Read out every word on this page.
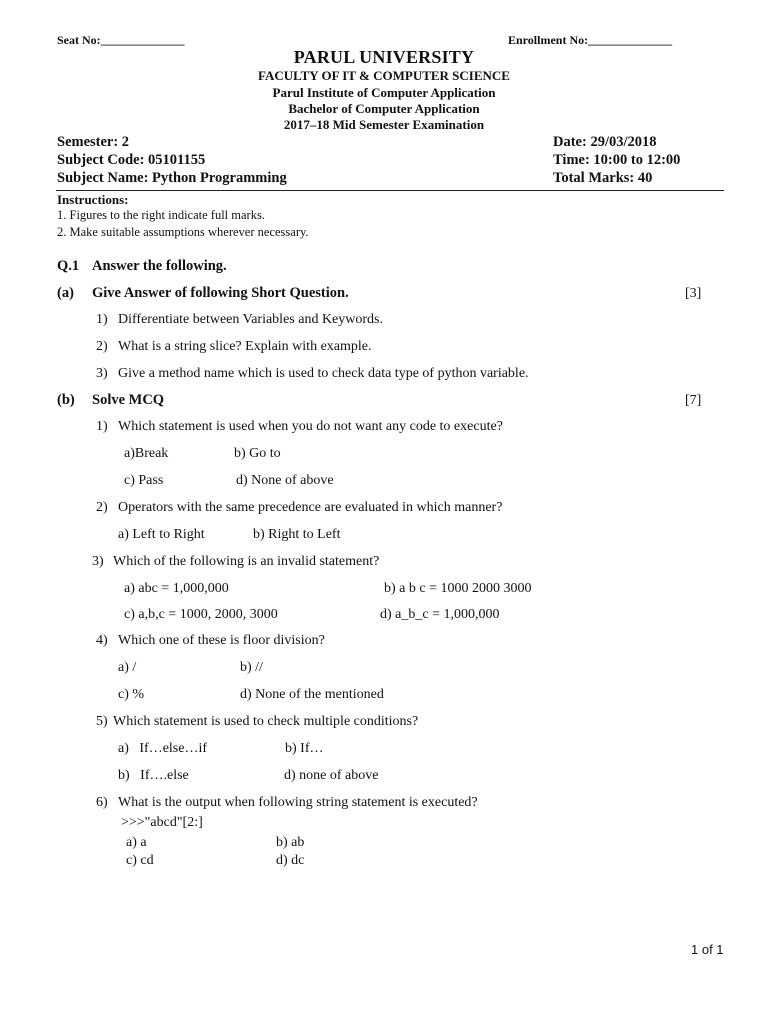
Seat No:______________	Enrollment No:______________
PARUL UNIVERSITY
FACULTY OF IT & COMPUTER SCIENCE
Parul Institute of Computer Application
Bachelor of Computer Application
2017–18 Mid Semester Examination
Semester: 2
Subject Code: 05101155
Subject Name: Python Programming
Date: 29/03/2018
Time: 10:00 to 12:00
Total Marks: 40
Instructions:
1. Figures to the right indicate full marks.
2. Make suitable assumptions wherever necessary.
Q.1 Answer the following.
(a) Give Answer of following Short Question.	[3]
1) Differentiate between Variables and Keywords.
2) What is a string slice? Explain with example.
3) Give a method name which is used to check data type of python variable.
(b) Solve MCQ	[7]
1) Which statement is used when you do not want any code to execute?
a)Break	b) Go to
c) Pass	d) None of above
2) Operators with the same precedence are evaluated in which manner?
a) Left to Right	b) Right to Left
3) Which of the following is an invalid statement?
a) abc = 1,000,000	b) a b c = 1000 2000 3000
c) a,b,c = 1000, 2000, 3000	d) a_b_c = 1,000,000
4) Which one of these is floor division?
a) /	b) //
c) %	d) None of the mentioned
5) Which statement is used to check multiple conditions?
a)   If…else…if	b) If…
b)   If….else	d) none of above
6) What is the output when following string statement is executed?
>>>"abcd"[2:]
a) a	b) ab
c) cd	d) dc
1 of 1
